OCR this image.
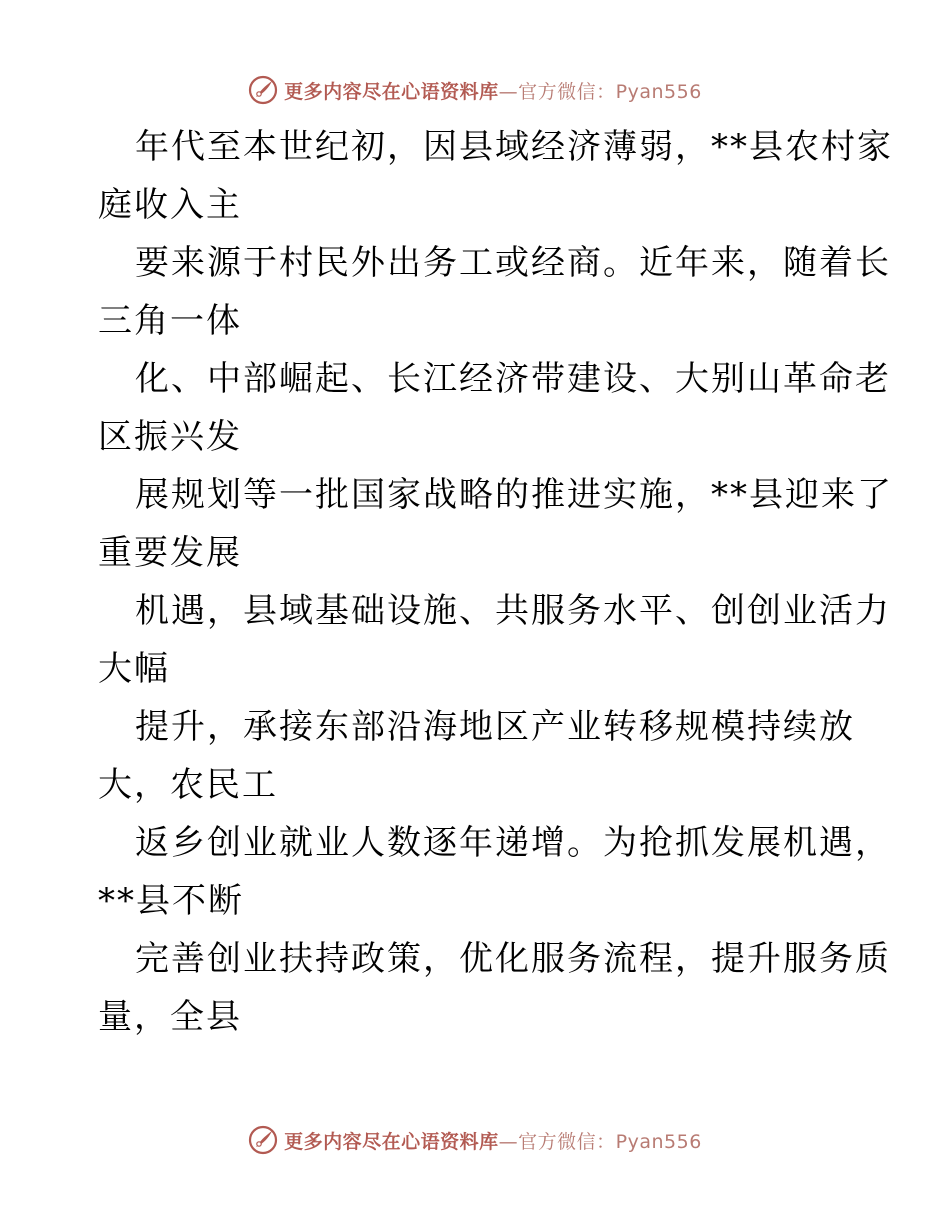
更多内容尽在心语资料库—官方微信：Pyan556

年代至本世纪初，因县域经济薄弱，**县农村家
庭收入主

要来源于村民外出务工或经商。近年来，随着长
三角一体

化、中部崛起、长江经济带建设、大别山革命老
区振兴发

展规划等一批国家战略的推进实施，**县迎来了
重要发展

机遇，县域基础设施、共服务水平、创创业活力
大幅

提升，承接东部沿海地区产业转移规模持续放
大，农民工

返乡创业就业人数逐年递增。为抢抓发展机遇，
**县不断

完善创业扶持政策，优化服务流程，提升服务质
量，全县

更多内容尽在心语资料库—官方微信：Pyan556
